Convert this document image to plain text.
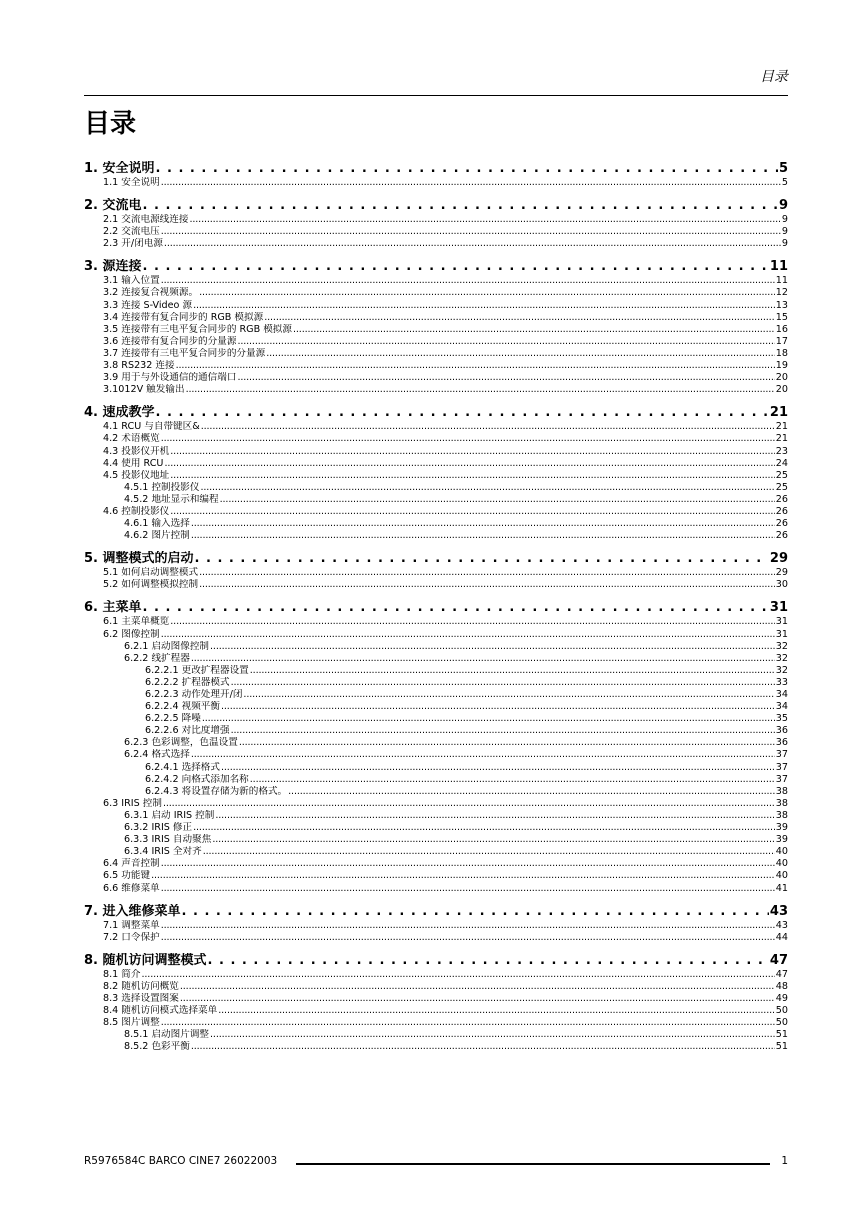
目录
目录
1. 安全说明 . . .	5
1.1 安全说明 . . .	5
2. 交流电 . . .	9
2.1 交流电源线连接 . . .	9
2.2 交流电压 . . .	9
2.3 开/闭电源 . . .	9
3. 源连接 . . .	11
3.1 输入位置 . . .	11
3.2 连接复合视频源。 . . .	12
3.3 连接 S-Video 源 . . .	13
3.4 连接带有复合同步的 RGB 模拟源 . . .	15
3.5 连接带有三电平复合同步的 RGB 模拟源 . . .	16
3.6 连接带有复合同步的分量源 . . .	17
3.7 连接带有三电平复合同步的分量源 . . .	18
3.8 RS232 连接 . . .	19
3.9 用于与外设通信的通信端口 . . .	20
3.1012V 触发输出 . . .	20
4. 速成教学 . . .	21
4.1 RCU 与自带键区& . . .	21
4.2 术语概览 . . .	21
4.3 投影仪开机 . . .	23
4.4 使用 RCU . . .	24
4.5 投影仪地址 . . .	25
4.5.1 控制投影仪 . . .	25
4.5.2 地址显示和编程 . . .	26
4.6 控制投影仪 . . .	26
4.6.1 输入选择 . . .	26
4.6.2 图片控制 . . .	26
5. 调整模式的启动 . . .	29
5.1 如何启动调整模式 . . .	29
5.2 如何调整模拟控制 . . .	30
6. 主菜单 . . .	31
6.1 主菜单概览 . . .	31
6.2 图像控制 . . .	31
6.2.1 启动图像控制 . . .	32
6.2.2 线扩程器 . . .	32
6.2.2.1 更改扩程器设置 . . .	32
6.2.2.2 扩程器模式 . . .	33
6.2.2.3 动作处理开/闭 . . .	34
6.2.2.4 视频平衡 . . .	34
6.2.2.5 降噪 . . .	35
6.2.2.6 对比度增强 . . .	36
6.2.3 色彩调整，色温设置 . . .	36
6.2.4 格式选择 . . .	37
6.2.4.1 选择格式 . . .	37
6.2.4.2 向格式添加名称 . . .	37
6.2.4.3 将设置存储为新的格式。 . . .	38
6.3 IRIS 控制 . . .	38
6.3.1 启动 IRIS 控制 . . .	38
6.3.2 IRIS 修正 . . .	39
6.3.3 IRIS 自动聚焦 . . .	39
6.3.4 IRIS 全对齐 . . .	40
6.4 声音控制 . . .	40
6.5 功能键 . . .	40
6.6 维修菜单 . . .	41
7. 进入维修菜单 . . .	43
7.1 调整菜单 . . .	43
7.2 口令保护 . . .	44
8. 随机访问调整模式 . . .	47
8.1 简介 . . .	47
8.2 随机访问概览 . . .	48
8.3 选择设置图案 . . .	49
8.4 随机访问模式选择菜单 . . .	50
8.5 图片调整 . . .	50
8.5.1 启动图片调整 . . .	51
8.5.2 色彩平衡 . . .	51
R5976584C BARCO CINE7 26022003	1
